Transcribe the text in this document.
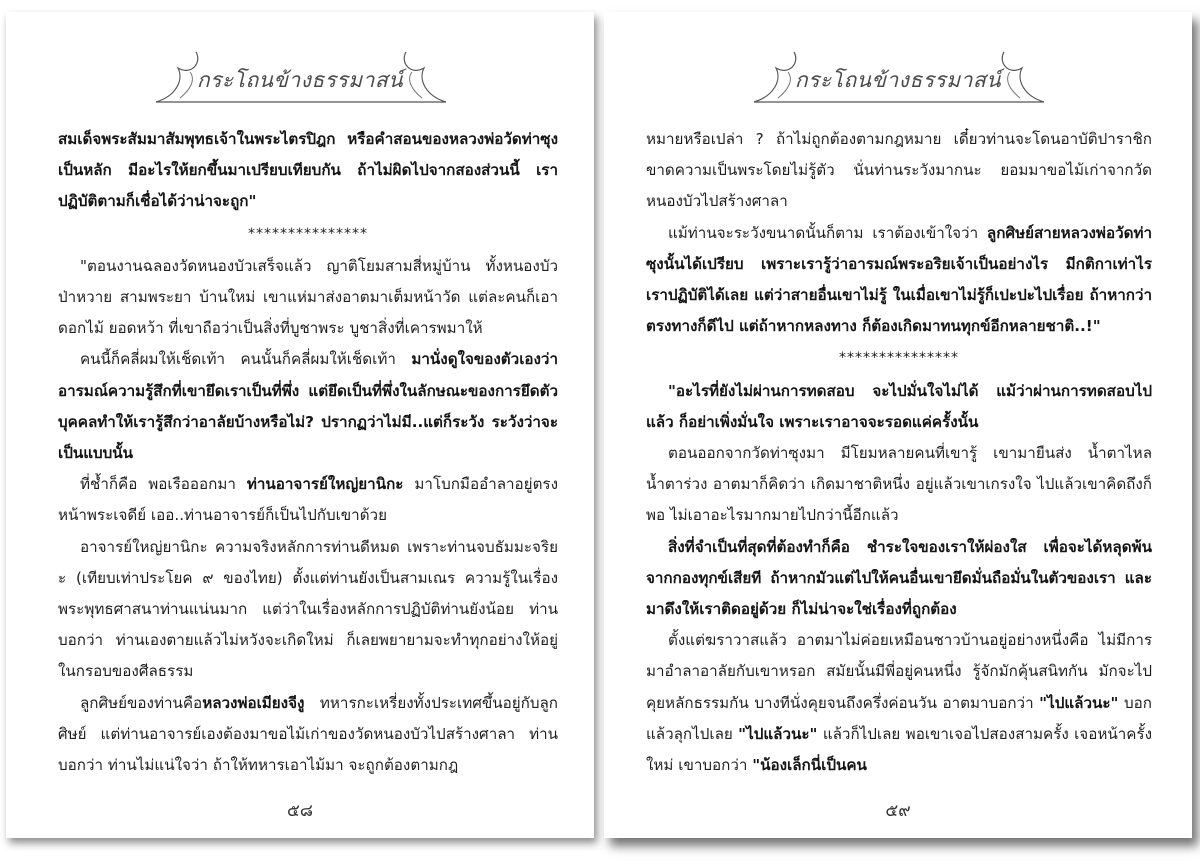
กระโถนข้างธรรมาสน์

สมเด็จพระสัมมาสัมพุทธเจ้าในพระไตรปิฎก หรือคำสอนของหลวงพ่อวัดท่าซุงเป็นหลัก มีอะไรให้ยกขึ้นมาเปรียบเทียบกัน ถ้าไม่ผิดไปจากสองส่วนนี้ เราปฏิบัติตามก็เชื่อได้ว่าน่าจะถูก"

***************

"ตอนงานฉลองวัดหนองบัวเสร็จแล้ว ญาติโยมสามสี่หมู่บ้าน ทั้งหนองบัว ป่าหวาย สามพระยา บ้านใหม่ เขาแห่มาส่งอาตมาเต็มหน้าวัด แต่ละคนก็เอาดอกไม้ ยอดหว้า ที่เขาถือว่าเป็นสิ่งที่บูชาพระ บูชาสิ่งที่เคารพมาให้

คนนี้ก็คลี่ผมให้เช็ดเท้า คนนั้นก็คลี่ผมให้เช็ดเท้า มานั่งดูใจของตัวเองว่า อารมณ์ความรู้สึกที่เขายึดเราเป็นที่พึ่ง แต่ยึดเป็นที่พึ่งในลักษณะของการยึดตัวบุคคลทำให้เรารู้สึกว่าอาลัยบ้างหรือไม่? ปรากฏว่าไม่มี..แต่ก็ระวัง ระวังว่าจะเป็นแบบนั้น

ที่ช้ำก็คือ พอเรือออกมา ท่านอาจารย์ใหญ่ยานิกะ มาโบกมืออำลาอยู่ตรงหน้าพระเจดีย์ เออ..ท่านอาจารย์ก็เป็นไปกับเขาด้วย

อาจารย์ใหญ่ยานิกะ ความจริงหลักการท่านดีหมด เพราะท่านจบธัมมะจริยะ (เทียบเท่าประโยค ๙ ของไทย) ตั้งแต่ท่านยังเป็นสามเณร ความรู้ในเรื่องพระพุทธศาสนาท่านแน่นมาก แต่ว่าในเรื่องหลักการปฏิบัติท่านยังน้อย ท่านบอกว่า ท่านเองตายแล้วไม่หวังจะเกิดใหม่ ก็เลยพยายามจะทำทุกอย่างให้อยู่ในกรอบของศีลธรรม

ลูกศิษย์ของท่านคือหลวงพ่อเมียงจีงู ทหารกะเหรี่ยงทั้งประเทศขึ้นอยู่กับลูกศิษย์ แต่ท่านอาจารย์เองต้องมาขอไม้เก่าของวัดหนองบัวไปสร้างศาลา ท่านบอกว่า ท่านไม่แน่ใจว่า ถ้าให้ทหารเอาไม้มา จะถูกต้องตามกฎ

๕๘
กระโถนข้างธรรมาสน์

หมายหรือเปล่า ? ถ้าไม่ถูกต้องตามกฎหมาย เดี๋ยวท่านจะโดนอาบัติปาราชิก ขาดความเป็นพระโดยไม่รู้ตัว นั่นท่านระวังมากนะ ยอมมาขอไม้เก่าจากวัดหนองบัวไปสร้างศาลา

แม้ท่านจะระวังขนาดนั้นก็ตาม เราต้องเข้าใจว่า ลูกศิษย์สายหลวงพ่อวัดท่าซุงนั้นได้เปรียบ เพราะเรารู้ว่าอารมณ์พระอริยเจ้าเป็นอย่างไร มีกติกาเท่าไร เราปฏิบัติได้เลย แต่ว่าสายอื่นเขาไม่รู้ ในเมื่อเขาไม่รู้ก็เปะปะไปเรื่อย ถ้าหากว่าตรงทางก็ดีไป แต่ถ้าหากหลงทาง ก็ต้องเกิดมาทนทุกข์อีกหลายชาติ..!"

***************

"อะไรที่ยังไม่ผ่านการทดสอบ จะไปมั่นใจไม่ได้ แม้ว่าผ่านการทดสอบไปแล้ว ก็อย่าเพิ่งมั่นใจ เพราะเราอาจจะรอดแค่ครั้งนั้น

ตอนออกจากวัดท่าซุงมา มีโยมหลายคนที่เขารู้ เขามายืนส่ง น้ำตาไหล น้ำตาร่วง อาตมาก็คิดว่า เกิดมาชาติหนึ่ง อยู่แล้วเขาเกรงใจ ไปแล้วเขาคิดถึงก็พอ ไม่เอาอะไรมากมายไปกว่านี้อีกแล้ว

สิ่งที่จำเป็นที่สุดที่ต้องทำก็คือ ชำระใจของเราให้ผ่องใส เพื่อจะได้หลุดพ้นจากกองทุกข์เสียที ถ้าหากมัวแต่ไปให้คนอื่นเขายึดมั่นถือมั่นในตัวของเรา และมาดึงให้เราติดอยู่ด้วย ก็ไม่น่าจะใช่เรื่องที่ถูกต้อง

ตั้งแต่ฆราวาสแล้ว อาตมาไม่ค่อยเหมือนชาวบ้านอยู่อย่างหนึ่งคือ ไม่มีการมาอำลาอาลัยกับเขาหรอก สมัยนั้นมีพี่อยู่คนหนึ่ง รู้จักมักคุ้นสนิทกัน มักจะไปคุยหลักธรรมกัน บางทีนั่งคุยจนถึงครึ่งค่อนวัน อาตมาบอกว่า "ไปแล้วนะ" บอกแล้วลุกไปเลย "ไปแล้วนะ" แล้วก็ไปเลย พอเขาเจอไปสองสามครั้ง เจอหน้าครั้งใหม่ เขาบอกว่า "น้องเล็กนี่เป็นคน

๕๙
